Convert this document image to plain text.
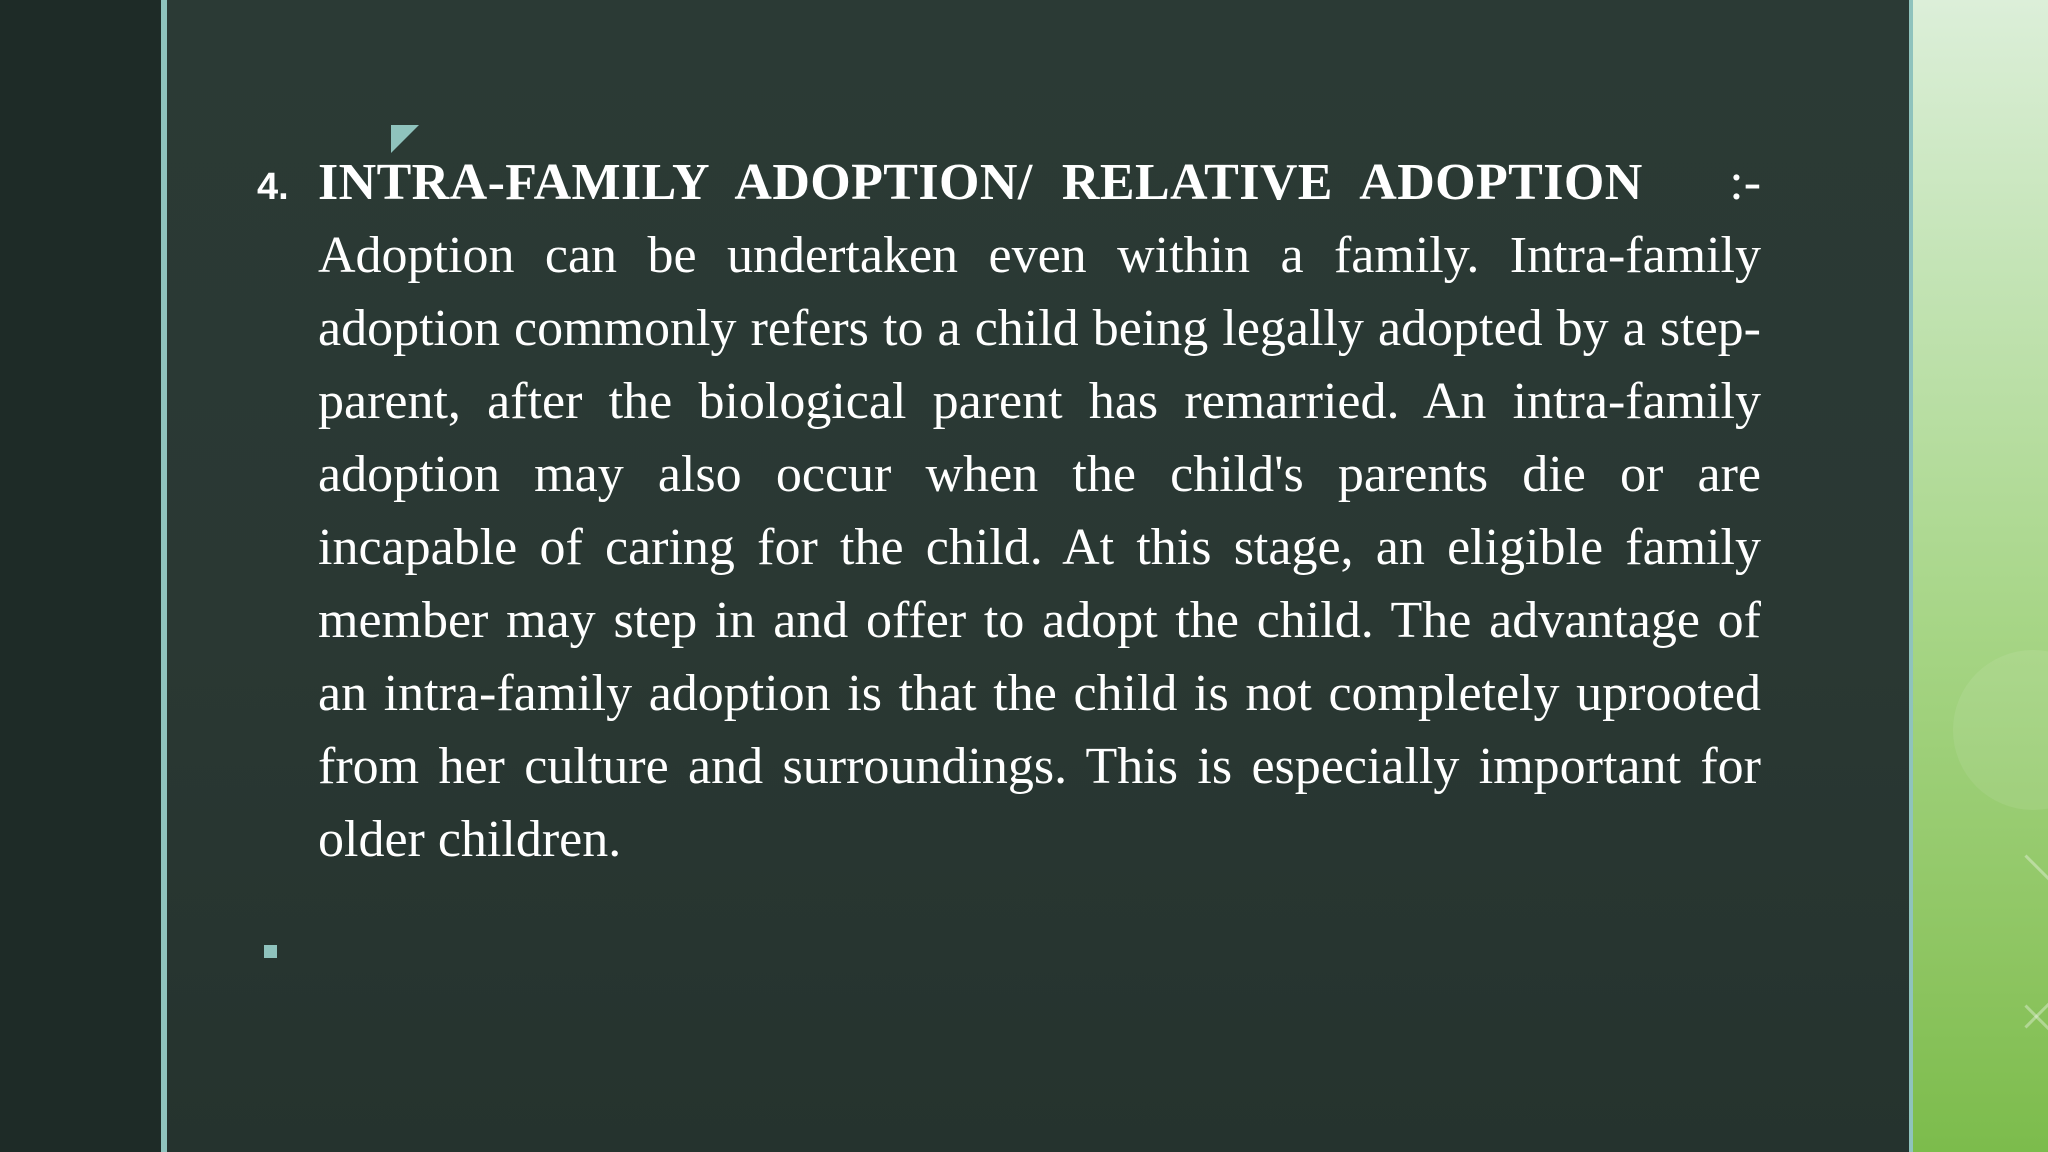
4. INTRA-FAMILY ADOPTION/ RELATIVE ADOPTION :- Adoption can be undertaken even within a family. Intra-family adoption commonly refers to a child being legally adopted by a step-parent, after the biological parent has remarried. An intra-family adoption may also occur when the child's parents die or are incapable of caring for the child. At this stage, an eligible family member may step in and offer to adopt the child. The advantage of an intra-family adoption is that the child is not completely uprooted from her culture and surroundings. This is especially important for older children.
